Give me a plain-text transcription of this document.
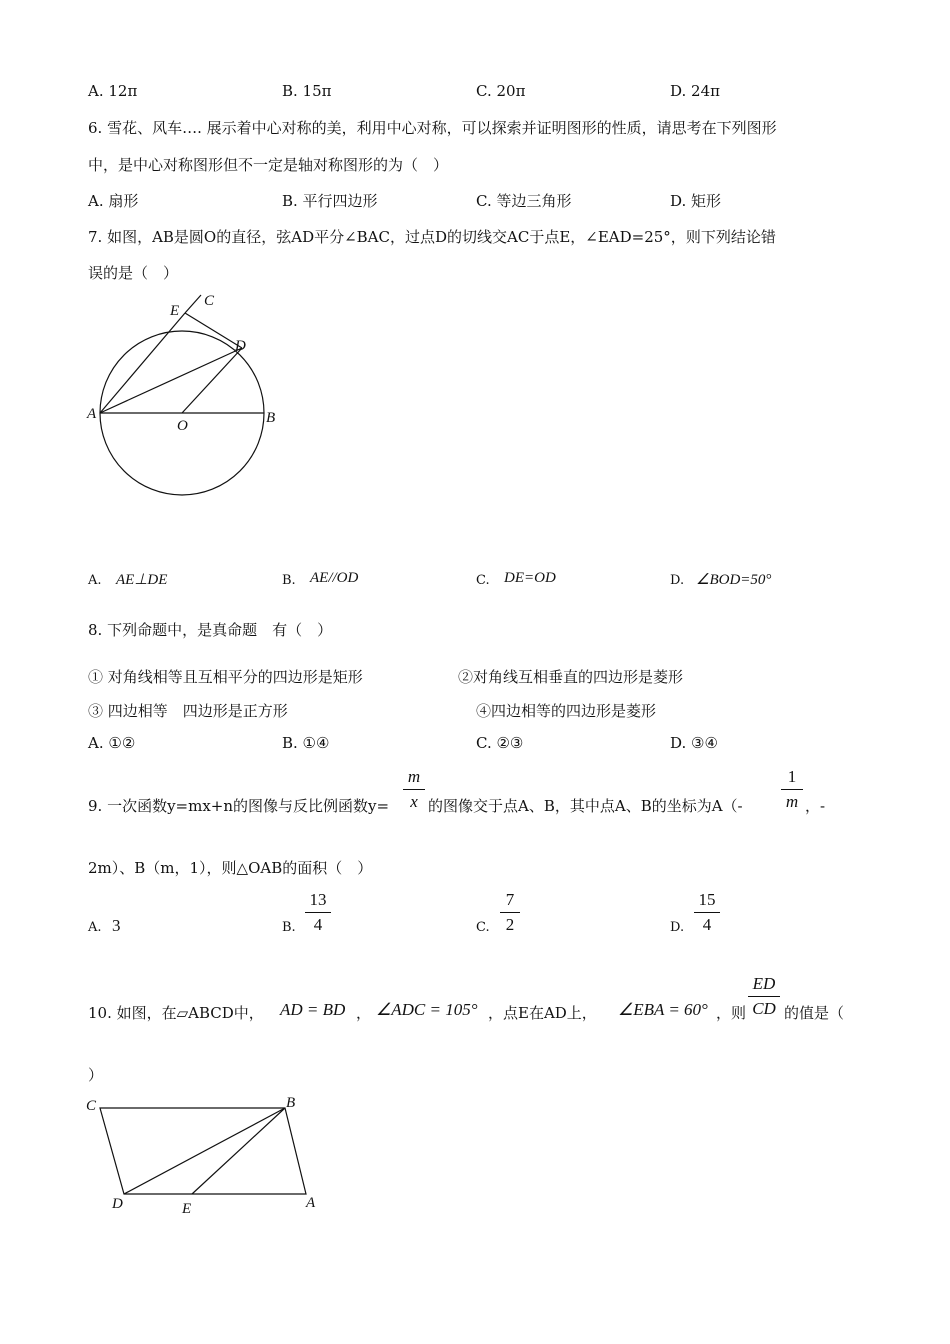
A. 12π	B. 15π	C. 20π	D. 24π
6. 雪花、风车…. 展示着中心对称的美，利用中心对称，可以探索并证明图形的性质，请思考在下列图形
中，是中心对称图形但不一定是轴对称图形的为（　）
A. 扇形	B. 平行四边形	C. 等边三角形	D. 矩形
7. 如图，AB是圆O的直径，弦AD平分∠BAC，过点D的切线交AC于点E，∠EAD=25°，则下列结论错
误的是（　）
E
C
D
A
O	B
A. AE⊥DE	B. AE//OD	C. DE=OD	D. ∠BOD=50°
8. 下列命题中，是真命题　有（　）
① 对角线相等且互相平分的四边形是矩形	②对角线互相垂直的四边形是菱形
③ 四边相等　四边形是正方形	④四边相等的四边形是菱形
A. ①②	B. ①④	C. ②③	D. ③④
9. 一次函数y=mx+n的图像与反比例函数y=
m
x 的图像交于点A、B，其中点A、B的坐标为A（-
1
m ，-
2m）、B（m，1），则△OAB的面积（　）
A. 3	B.
13
4	C.
7
2	D.
15
4
10. 如图，在▱ABCD中， AD = BD ， ∠ADC = 105° ，点E在AD上， ∠EBA = 60° ，则
ED
CD 的值是（
）
C	B
D	E	A
